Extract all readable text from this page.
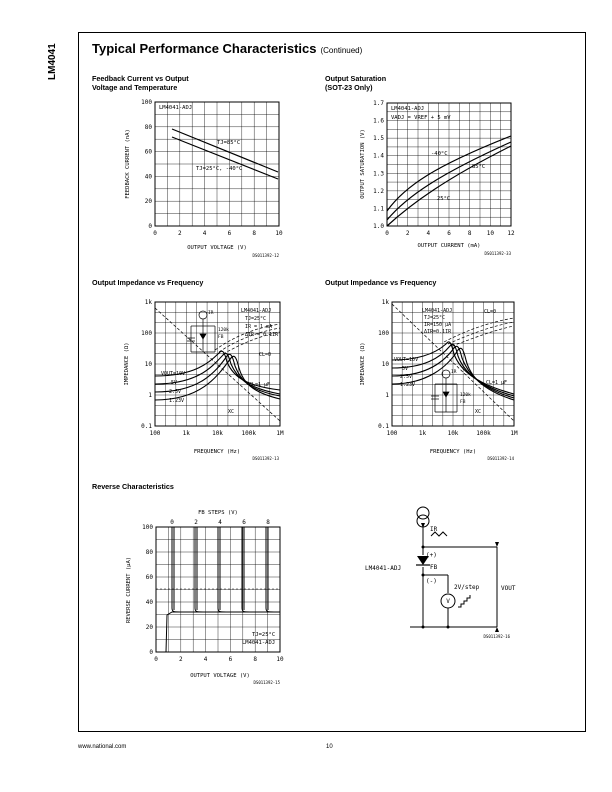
LM4041	Typical Performance Characteristics (Continued)
Feedback Current vs Output
Voltage and Temperature
Output Saturation
(SOT-23 Only)
Output Impedance vs Frequency	Output Impedance vs Frequency
Reverse Characteristics
LM4041-ADJ
TJ=85°C
TJ=25°C, -40°C
0	2	4	6	8	10
0
20
40
60
80
100
OUTPUT VOLTAGE (V)
FEEDBACK CURRENT (nA)
DS011392-12
LM4041-ADJ
VADJ = VREF + 5 mV
-40°C
85°C
25°C
0	2	4	6	8	10 12
1.0
1.1
1.2
1.3
1.4
1.5
1.6
1.7
OUTPUT CURRENT (mA)
OUTPUT SATURATION (V)
DS011392-33
LM4041-ADJ
TJ=25°C
IR = 1 mA
ΔIR = 0.1IR
120k
FB
IR
VOUT=10V
5V
2.5V
1.23V
CL=0
CL=1 μF
XC
100	1k	10k	100k	1M
0.1
1
10
100
1k
FREQUENCY (Hz)
IMPEDANCE (Ω)
DS011392-13
LM4041-ADJ
TJ=25°C
IR=150 μA
ΔIR=0.1IR
120k
FB
IR
VOUT=10V
5V
2.5V
1.23V
CL=0
CL=1 μF
XC
100	1k	10k	100k	1M
0.1
1
10
100
1k
FREQUENCY (Hz)
IMPEDANCE (Ω)
DS011392-14
FB STEPS (V)
0	2	4	6	8
TJ=25°C
LM4041-ADJ
0	2	4	6	8	10
0
20
40
60
80
100
OUTPUT VOLTAGE (V)
REVERSE CURRENT (μA)
DS011392-15
IR
(+)
FB
LM4041-ADJ
(-)
2V/step
V
VOUT
DS011392-16
www.national.com	10
